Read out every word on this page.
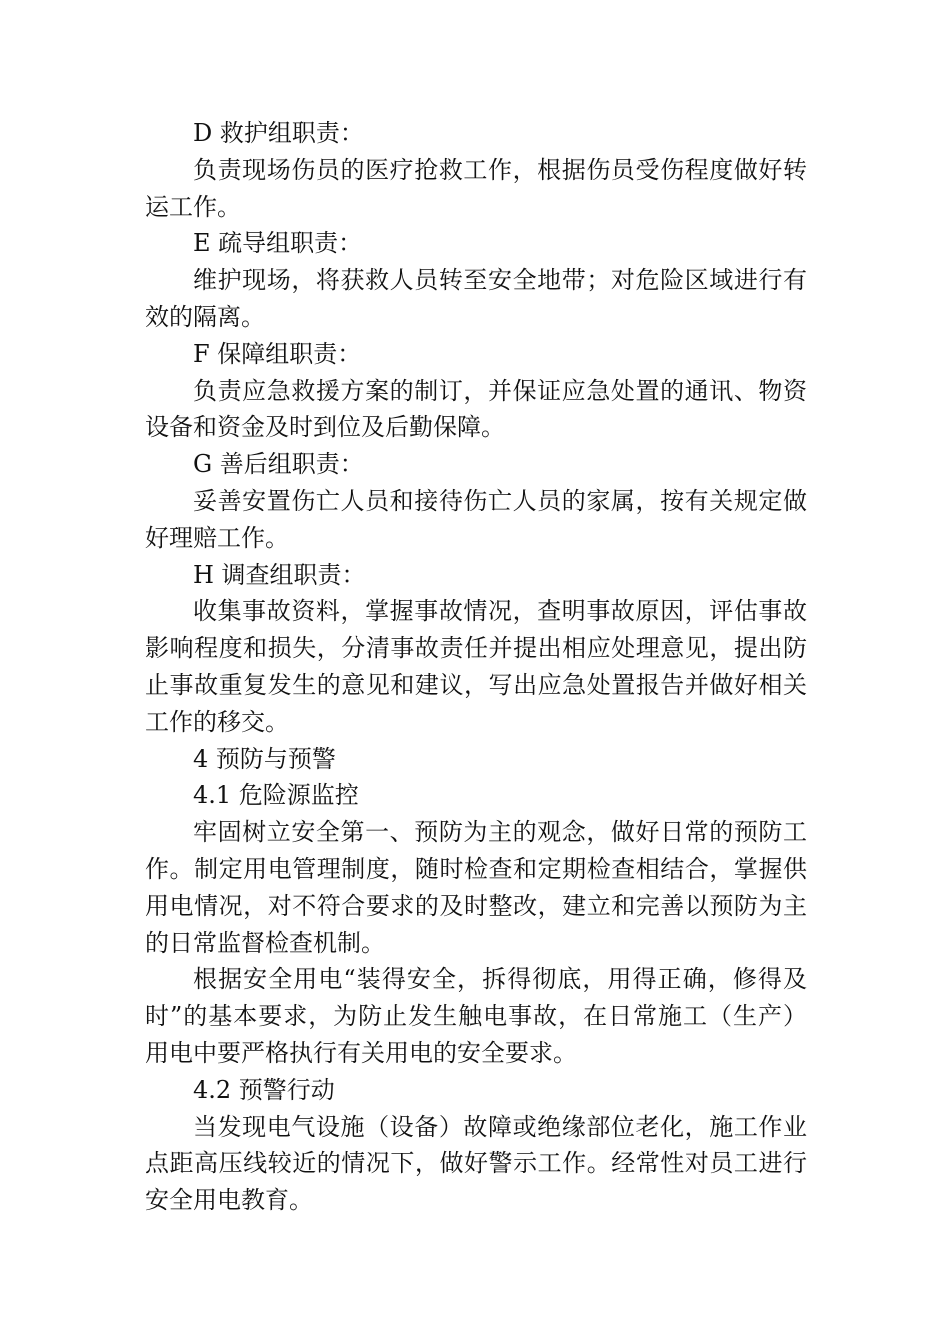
D 救护组职责：
负责现场伤员的医疗抢救工作，根据伤员受伤程度做好转
运工作。
E 疏导组职责：
维护现场，将获救人员转至安全地带；对危险区域进行有
效的隔离。
F 保障组职责：
负责应急救援方案的制订，并保证应急处置的通讯、物资
设备和资金及时到位及后勤保障。
G 善后组职责：
妥善安置伤亡人员和接待伤亡人员的家属，按有关规定做
好理赔工作。
H 调查组职责：
收集事故资料，掌握事故情况，查明事故原因，评估事故
影响程度和损失，分清事故责任并提出相应处理意见，提出防
止事故重复发生的意见和建议，写出应急处置报告并做好相关
工作的移交。
4 预防与预警
4.1 危险源监控
牢固树立安全第一、预防为主的观念，做好日常的预防工
作。制定用电管理制度，随时检查和定期检查相结合，掌握供
用电情况，对不符合要求的及时整改，建立和完善以预防为主
的日常监督检查机制。
根据安全用电“装得安全，拆得彻底，用得正确，修得及
时”的基本要求，为防止发生触电事故，在日常施工（生产）
用电中要严格执行有关用电的安全要求。
4.2 预警行动
当发现电气设施（设备）故障或绝缘部位老化，施工作业
点距高压线较近的情况下，做好警示工作。经常性对员工进行
安全用电教育。
